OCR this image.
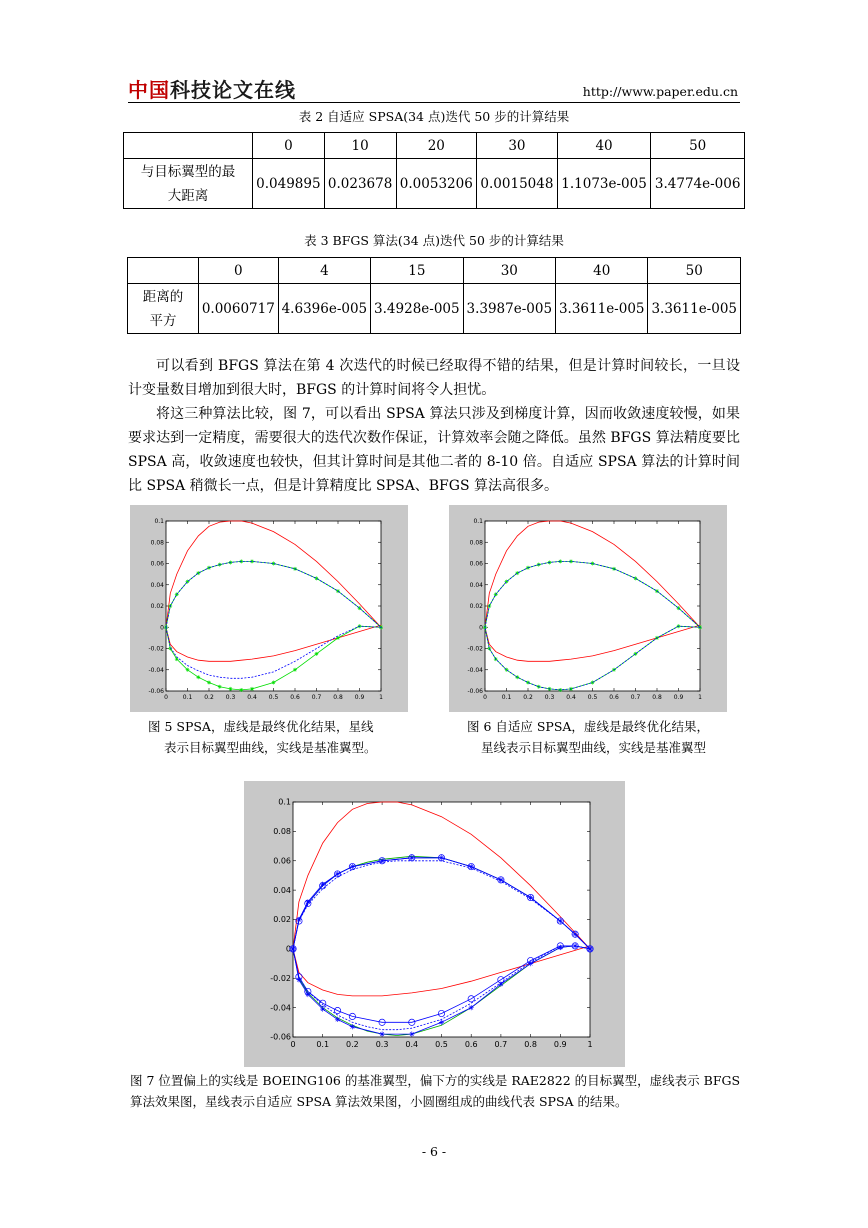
中国科技论文在线	http://www.paper.edu.cn
表 2 自适应 SPSA(34 点)迭代 50 步的计算结果
	0	10	20	30	40	50

与目标翼型的最
大距离	0.049895	0.023678	0.0053206	0.0015048	1.1073e-005	3.4774e-006
表 3 BFGS 算法(34 点)迭代 50 步的计算结果
	0	4	15	30	40	50

距离的
平方	0.0060717	4.6396e-005	3.4928e-005	3.3987e-005	3.3611e-005	3.3611e-005

可以看到 BFGS 算法在第 4 次迭代的时候已经取得不错的结果，但是计算时间较长，一旦设计变量数目增加到很大时，BFGS 的计算时间将令人担忧。

将这三种算法比较，图 7，可以看出 SPSA 算法只涉及到梯度计算，因而收敛速度较慢，如果要求达到一定精度，需要很大的迭代次数作保证，计算效率会随之降低。虽然 BFGS 算法精度要比 SPSA 高，收敛速度也较快，但其计算时间是其他二者的 8-10 倍。自适应 SPSA 算法的计算时间比 SPSA 稍微长一点，但是计算精度比 SPSA、BFGS 算法高很多。

0 0.1 0.2 0.3 0.4 0.5 0.6 0.7 0.8 0.9 1
0.1
0.08
0.06
0.04
0.02
0
-0.02
-0.04
-0.06
图 5 SPSA，虚线是最终优化结果，星线
表示目标翼型曲线，实线是基准翼型。
0 0.1 0.2 0.3 0.4 0.5 0.6 0.7 0.8 0.9 1
0.1
0.08
0.06
0.04
0.02
0
-0.02
-0.04
-0.06
图 6 自适应 SPSA，虚线是最终优化结果，
星线表示目标翼型曲线，实线是基准翼型
0	0.1 0.2 0.3 0.4 0.5 0.6 0.7 0.8 0.9	1
0.1
0.08
0.06
0.04
0.02
0
-0.02
-0.04
-0.06
图 7 位置偏上的实线是 BOEING106 的基准翼型，偏下方的实线是 RAE2822 的目标翼型，虚线表示 BFGS
算法效果图，星线表示自适应 SPSA 算法效果图，小圆圈组成的曲线代表 SPSA 的结果。
- 6 -
